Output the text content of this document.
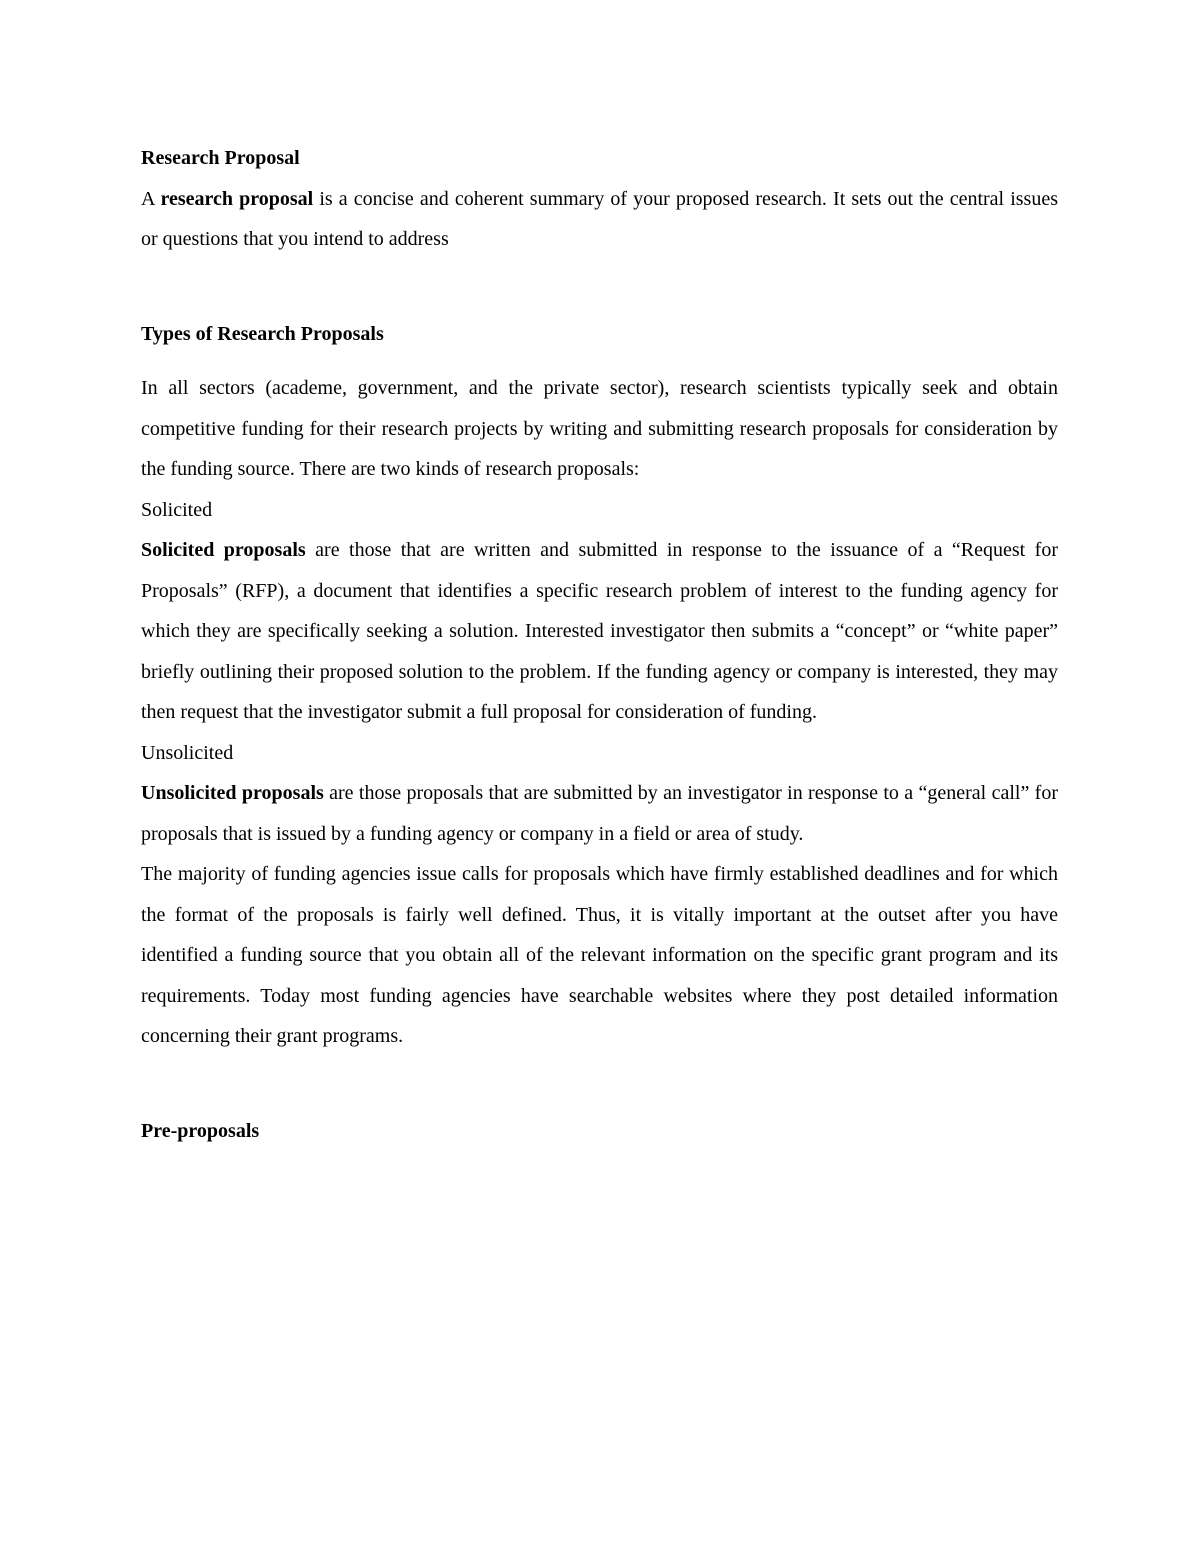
Research Proposal

A research proposal is a concise and coherent summary of your proposed research. It sets out the central issues or questions that you intend to address

Types of Research Proposals

In all sectors (academe, government, and the private sector), research scientists typically seek and obtain competitive funding for their research projects by writing and submitting research proposals for consideration by the funding source. There are two kinds of research proposals:

Solicited

Solicited proposals are those that are written and submitted in response to the issuance of a “Request for Proposals” (RFP), a document that identifies a specific research problem of interest to the funding agency for which they are specifically seeking a solution. Interested investigator then submits a “concept” or “white paper” briefly outlining their proposed solution to the problem. If the funding agency or company is interested, they may then request that the investigator submit a full proposal for consideration of funding.

Unsolicited

Unsolicited proposals are those proposals that are submitted by an investigator in response to a “general call” for proposals that is issued by a funding agency or company in a field or area of study.

The majority of funding agencies issue calls for proposals which have firmly established deadlines and for which the format of the proposals is fairly well defined. Thus, it is vitally important at the outset after you have identified a funding source that you obtain all of the relevant information on the specific grant program and its requirements. Today most funding agencies have searchable websites where they post detailed information concerning their grant programs.

Pre-proposals
